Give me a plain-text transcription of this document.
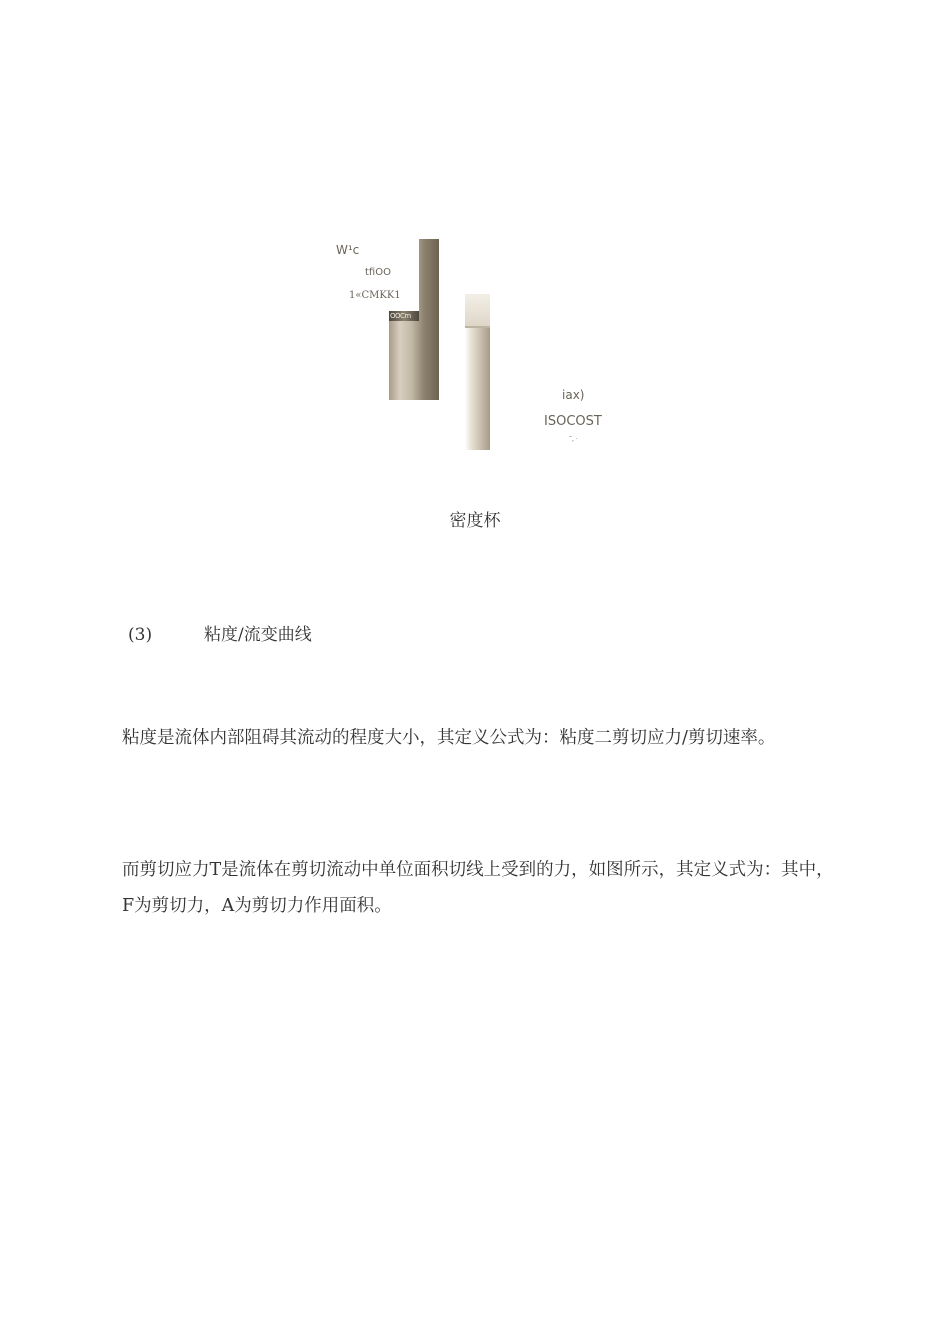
OOCm
W¹c
tfiOO
1«CMKK1
iax)
ISOCOST
˜, ·
密度杯
(3)	粘度/流变曲线
粘度是流体内部阻碍其流动的程度大小，其定义公式为：粘度二剪切应力/剪切速率。
而剪切应力T是流体在剪切流动中单位面积切线上受到的力，如图所示，其定义式为：其中，F为剪切力，A为剪切力作用面积。
